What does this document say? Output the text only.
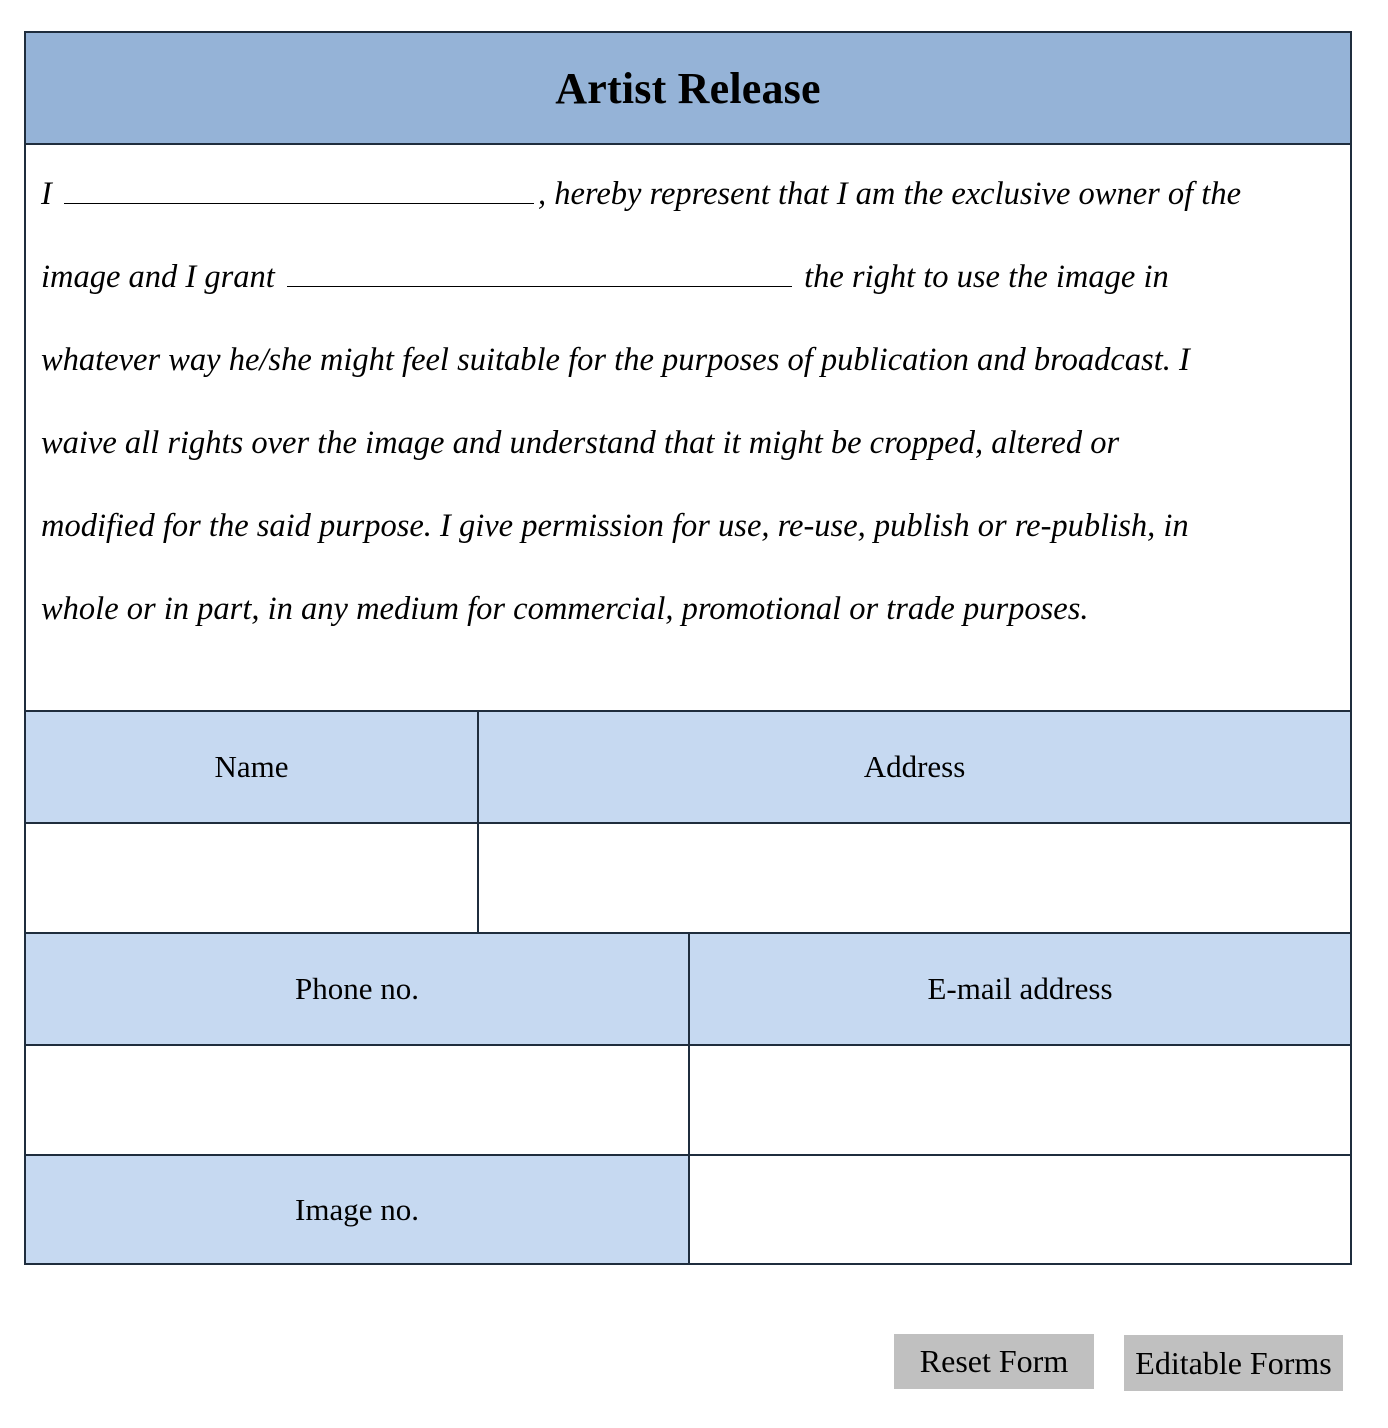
Artist Release
I	, hereby represent that I am the exclusive owner of the
image and I grant	the right to use the image in
whatever way he/she might feel suitable for the purposes of publication and broadcast. I
waive all rights over the image and understand that it might be cropped, altered or
modified for the said purpose. I give permission for use, re-use, publish or re-publish, in
whole or in part, in any medium for commercial, promotional or trade purposes.
Name	Address
Phone no.	E-mail address
Image no.
Reset Form	Editable Forms
